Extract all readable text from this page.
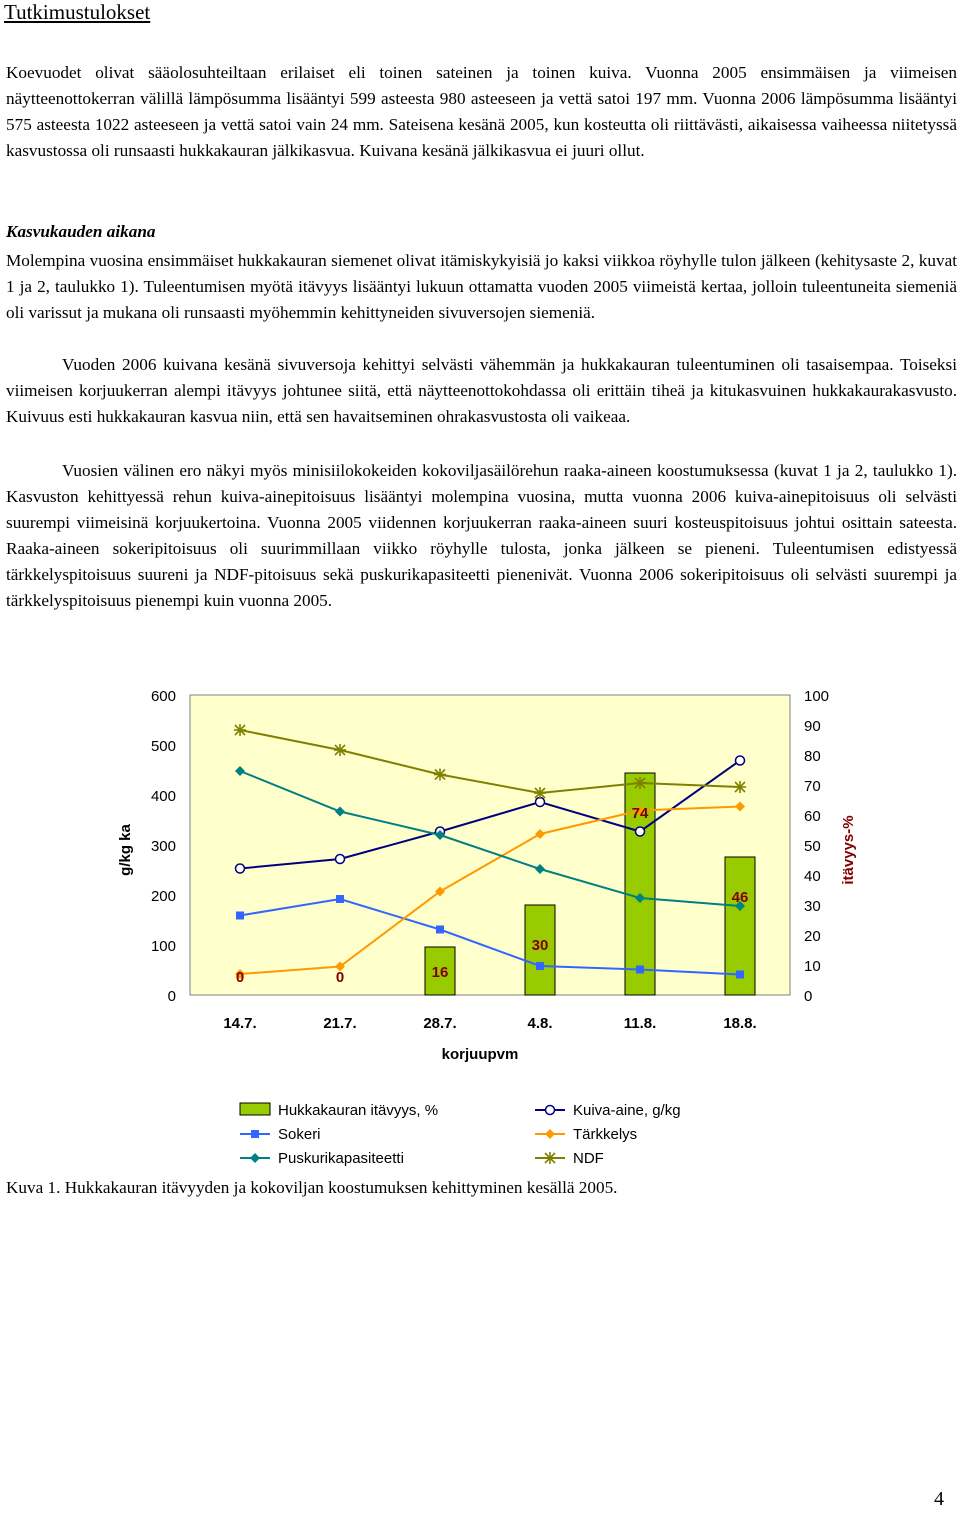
Tutkimustulokset

Koevuodet olivat sääolosuhteiltaan erilaiset eli toinen sateinen ja toinen kuiva. Vuonna 2005 ensimmäisen ja viimeisen näytteenottokerran välillä lämpösumma lisääntyi 599 asteesta 980 asteeseen ja vettä satoi 197 mm. Vuonna 2006 lämpösumma lisääntyi 575 asteesta 1022 asteeseen ja vettä satoi vain 24 mm. Sateisena kesänä 2005, kun kosteutta oli riittävästi, aikaisessa vaiheessa niitetyssä kasvustossa oli runsaasti hukkakauran jälkikasvua. Kuivana kesänä jälkikasvua ei juuri ollut.

Kasvukauden aikana

Molempina vuosina ensimmäiset hukkakauran siemenet olivat itämiskykyisiä jo kaksi viikkoa röyhylle tulon jälkeen (kehitysaste 2, kuvat 1 ja 2, taulukko 1). Tuleentumisen myötä itävyys lisääntyi lukuun ottamatta vuoden 2005 viimeistä kertaa, jolloin tuleentuneita siemeniä oli varissut ja mukana oli runsaasti myöhemmin kehittyneiden sivuversojen siemeniä.

Vuoden 2006 kuivana kesänä sivuversoja kehittyi selvästi vähemmän ja hukkakauran tuleentuminen oli tasaisempaa. Toiseksi viimeisen korjuukerran alempi itävyys johtunee siitä, että näytteenottokohdassa oli erittäin tiheä ja kitukasvuinen hukkakaurakasvusto. Kuivuus esti hukkakauran kasvua niin, että sen havaitseminen ohrakasvustosta oli vaikeaa.

Vuosien välinen ero näkyi myös minisiilokokeiden kokoviljasäilörehun raaka-aineen koostumuksessa (kuvat 1 ja 2, taulukko 1). Kasvuston kehittyessä rehun kuiva-ainepitoisuus lisääntyi molempina vuosina, mutta vuonna 2006 kuiva-ainepitoisuus oli selvästi suurempi viimeisinä korjuukertoina. Vuonna 2005 viidennen korjuukerran raaka-aineen suuri kosteuspitoisuus johtui osittain sateesta. Raaka-aineen sokeripitoisuus oli suurimmillaan viikko röyhylle tulosta, jonka jälkeen se pieneni. Tuleentumisen edistyessä tärkkelyspitoisuus suureni ja NDF-pitoisuus sekä puskurikapasiteetti pienenivät. Vuonna 2006 sokeripitoisuus oli selvästi suurempi ja tärkkelyspitoisuus pienempi kuin vuonna 2005.

0
100
200
300
400
500
600
0
10
20
30
40
50
60
70
80
90
100
14.7.	21.7.	28.7.	4.8.	11.8.	18.8.
korjuupvm
g/kg ka	itävyys-%
0	0	16
30
74
46
Hukkakauran itävyys, %	Kuiva-aine, g/kg
Sokeri	Tärkkelys
Puskurikapasiteetti	NDF
Kuva 1. Hukkakauran itävyyden ja kokoviljan koostumuksen kehittyminen kesällä 2005.
4
